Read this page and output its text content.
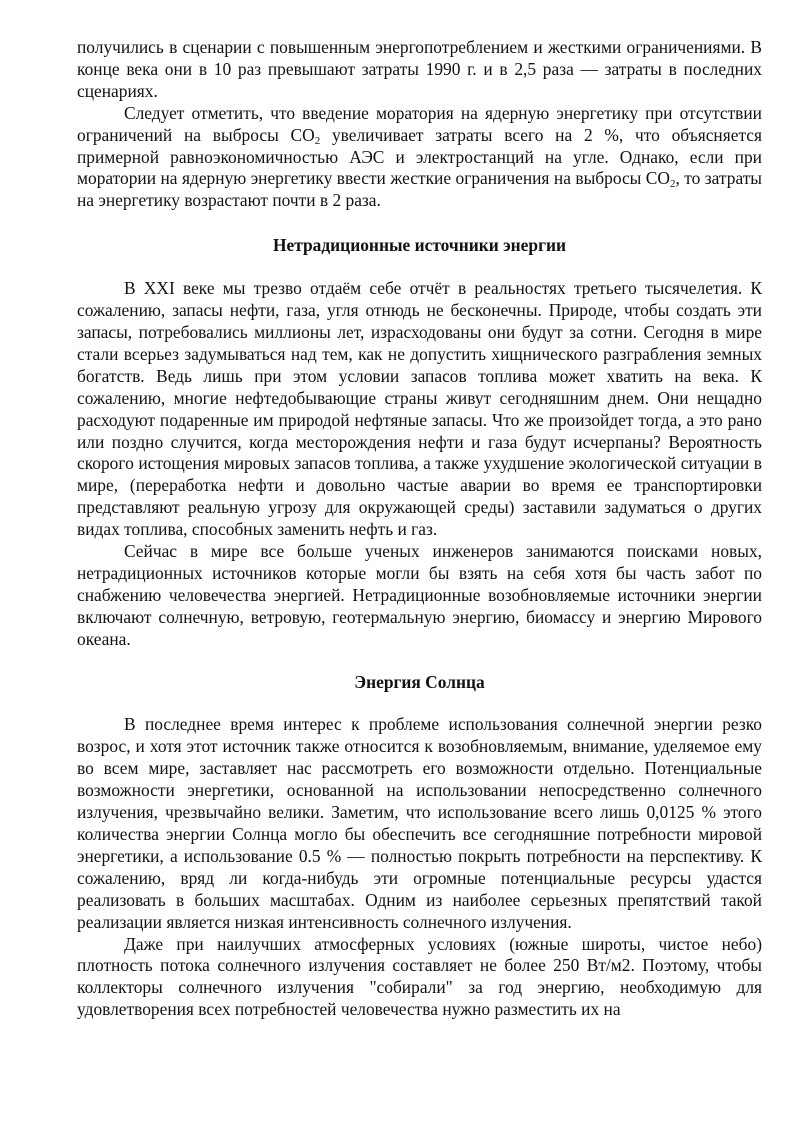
получились в сценарии с повышенным энергопотреблением и жесткими ограничениями. В конце века они в 10 раз превышают затраты 1990 г. и в 2,5 раза — затраты в последних сценариях.

Следует отметить, что введение моратория на ядерную энергетику при отсутствии ограничений на выбросы $CO_2$ увеличивает затраты всего на 2 %, что объясняется примерной равноэкономичностью АЭС и электростанций на угле. Однако, если при моратории на ядерную энергетику ввести жесткие ограничения на выбросы $CO_2$, то затраты на энергетику возрастают почти в 2 раза.

Нетрадиционные источники энергии

В XXI веке мы трезво отдаём себе отчёт в реальностях третьего тысячелетия. К сожалению, запасы нефти, газа, угля отнюдь не бесконечны. Природе, чтобы создать эти запасы, потребовались миллионы лет, израсходованы они будут за сотни. Сегодня в мире стали всерьез задумываться над тем, как не допустить хищнического разграбления земных богатств. Ведь лишь при этом условии запасов топлива может хватить на века. К сожалению, многие нефтедобывающие страны живут сегодняшним днем. Они нещадно расходуют подаренные им природой нефтяные запасы. Что же произойдет тогда, а это рано или поздно случится, когда месторождения нефти и газа будут исчерпаны? Вероятность скорого истощения мировых запасов топлива, а также ухудшение экологической ситуации в мире, (переработка нефти и довольно частые аварии во время ее транспортировки представляют реальную угрозу для окружающей среды) заставили задуматься о других видах топлива, способных заменить нефть и газ.

Сейчас в мире все больше ученых инженеров занимаются поисками новых, нетрадиционных источников которые могли бы взять на себя хотя бы часть забот по снабжению человечества энергией. Нетрадиционные возобновляемые источники энергии включают солнечную, ветровую, геотермальную энергию, биомассу и энергию Мирового океана.

Энергия Солнца

В последнее время интерес к проблеме использования солнечной энергии резко возрос, и хотя этот источник также относится к возобновляемым, внимание, уделяемое ему во всем мире, заставляет нас рассмотреть его возможности отдельно. Потенциальные возможности энергетики, основанной на использовании непосредственно солнечного излучения, чрезвычайно велики. Заметим, что использование всего лишь 0,0125 % этого количества энергии Солнца могло бы обеспечить все сегодняшние потребности мировой энергетики, а использование 0.5 % — полностью покрыть потребности на перспективу. К сожалению, вряд ли когда-нибудь эти огромные потенциальные ресурсы удастся реализовать в больших масштабах. Одним из наиболее серьезных препятствий такой реализации является низкая интенсивность солнечного излучения.

Даже при наилучших атмосферных условиях (южные широты, чистое небо) плотность потока солнечного излучения составляет не более 250 Вт/м2. Поэтому, чтобы коллекторы солнечного излучения "собирали" за год энергию, необходимую для удовлетворения всех потребностей человечества нужно разместить их на
